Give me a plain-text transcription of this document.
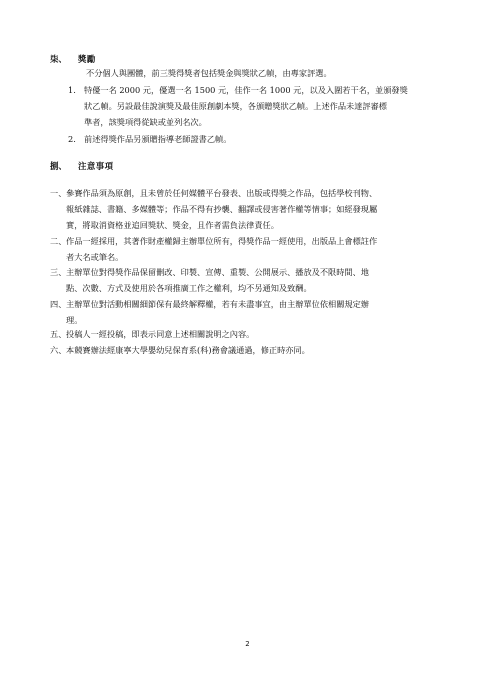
柒、	獎勵
不分個人與團體，前三獎得獎者包括獎金與獎狀乙幀，由專家評選。
1. 特優一名 2000 元，優選一名 1500 元，佳作一名 1000 元，以及入圍若干名，並頒發獎
狀乙幀。另設最佳說演獎及最佳原創劇本獎，各頒贈獎狀乙幀。上述作品未達評審標
準者，該獎項得從缺或並列名次。
2. 前述得獎作品另頒贈指導老師證書乙幀。
捌、	注意事項
一、 參賽作品須為原創，且未曾於任何媒體平台發表、出版或得獎之作品，包括學校刊物、
報紙雜誌、書籍、多媒體等；作品不得有抄襲、翻譯或侵害著作權等情事；如經發現屬
實，將取消資格並追回獎狀、獎金，且作者需負法律責任。
二、 作品一經採用，其著作財產權歸主辦單位所有，得獎作品一經使用，出版品上會標註作
者大名或筆名。
三、 主辦單位對得獎作品保留刪改、印製、宣傳、重製、公開展示、播放及不限時間、地
點、次數、方式及使用於各項推廣工作之權利，均不另通知及致酬。
四、 主辦單位對活動相關細節保有最終解釋權，若有未盡事宜，由主辦單位依相關規定辦
理。
五、 投稿人一經投稿，即表示同意上述相關說明之內容。
六、 本競賽辦法經康寧大學嬰幼兒保育系(科)務會議通過，修正時亦同。
2
